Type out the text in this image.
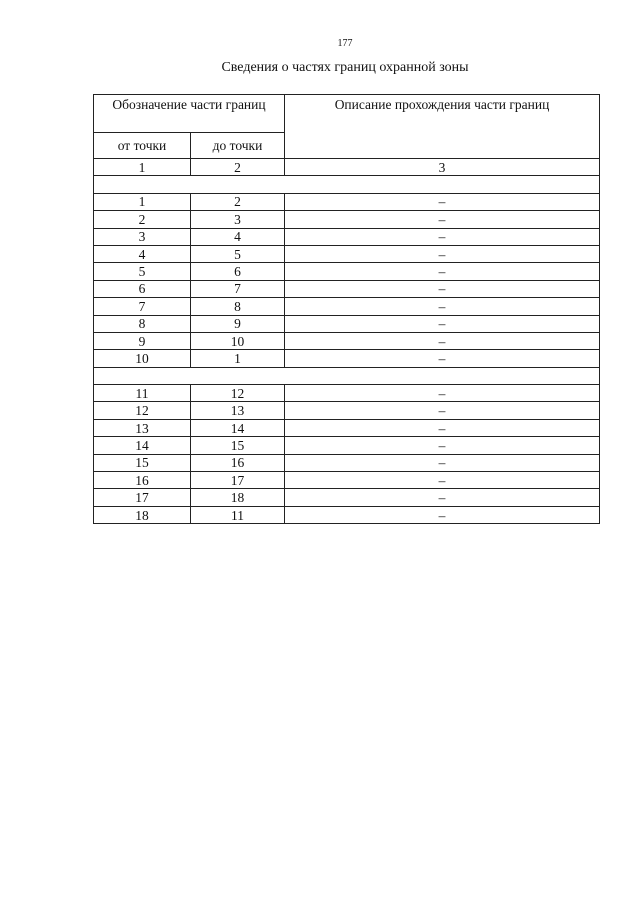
177
Сведения о частях границ охранной зоны
Обозначение части границ		Описание прохождения части границ
от точки	до точки	
1	2	3

1	2	–
2	3	–
3	4	–
4	5	–
5	6	–
6	7	–
7	8	–
8	9	–
9	10	–
10	1	–

11	12	–
12	13	–
13	14	–
14	15	–
15	16	–
16	17	–
17	18	–
18	11	–
